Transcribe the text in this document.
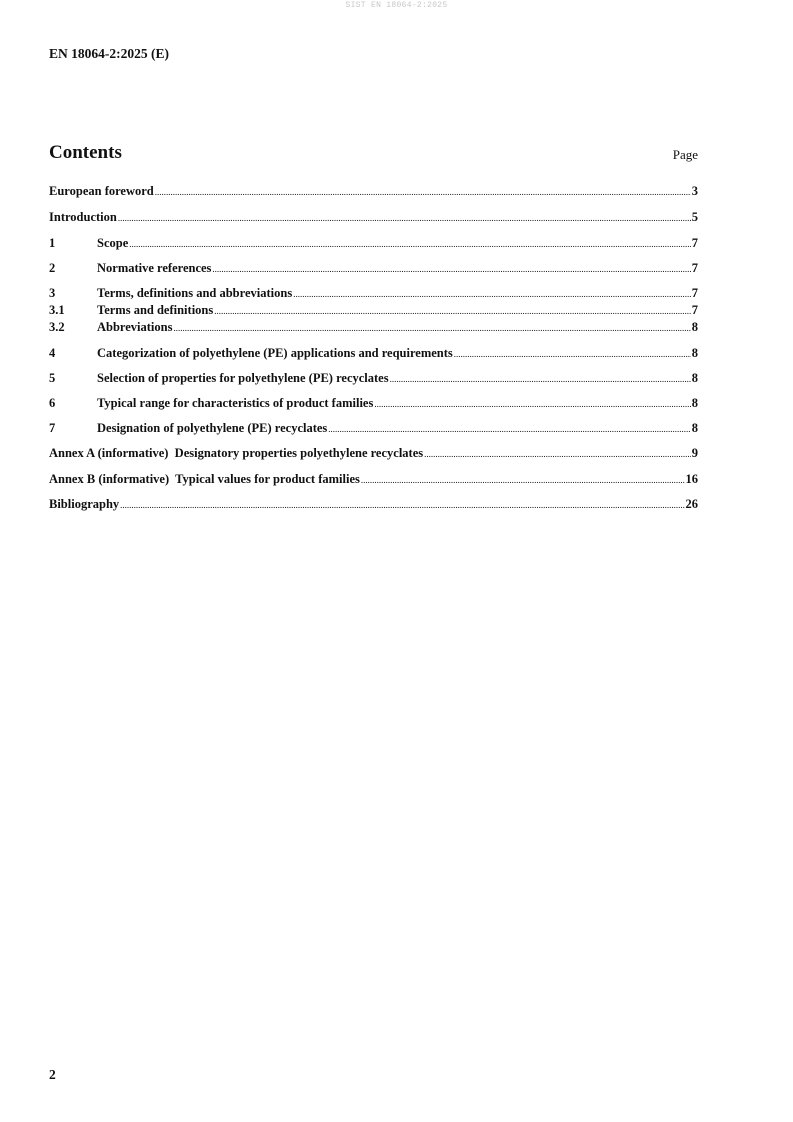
SIST EN 18064-2:2025
EN 18064-2:2025 (E)
Contents	Page
European foreword .....	3
Introduction .....	5
1	Scope .....	7
2	Normative references .....	7
3	Terms, definitions and abbreviations .....	7
3.1	Terms and definitions .....	7
3.2	Abbreviations .....	8
4	Categorization of polyethylene (PE) applications and requirements .....	8
5	Selection of properties for polyethylene (PE) recyclates .....	8
6	Typical range for characteristics of product families .....	8
7	Designation of polyethylene (PE) recyclates .....	8
Annex A (informative)  Designatory properties polyethylene recyclates .....	9
Annex B (informative)  Typical values for product families .....	16
Bibliography .....	26
2
